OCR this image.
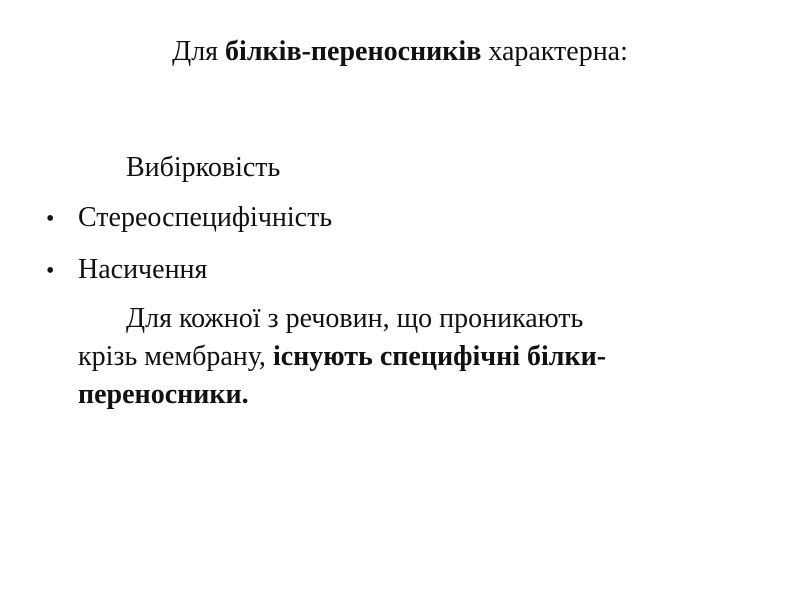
Для білків-переносників характерна:
Вибірковість
• Стереоспецифічність
• Насичення
Для кожної з речовин, що проникають
крізь мембрану, існують специфічні білки-
переносники.
